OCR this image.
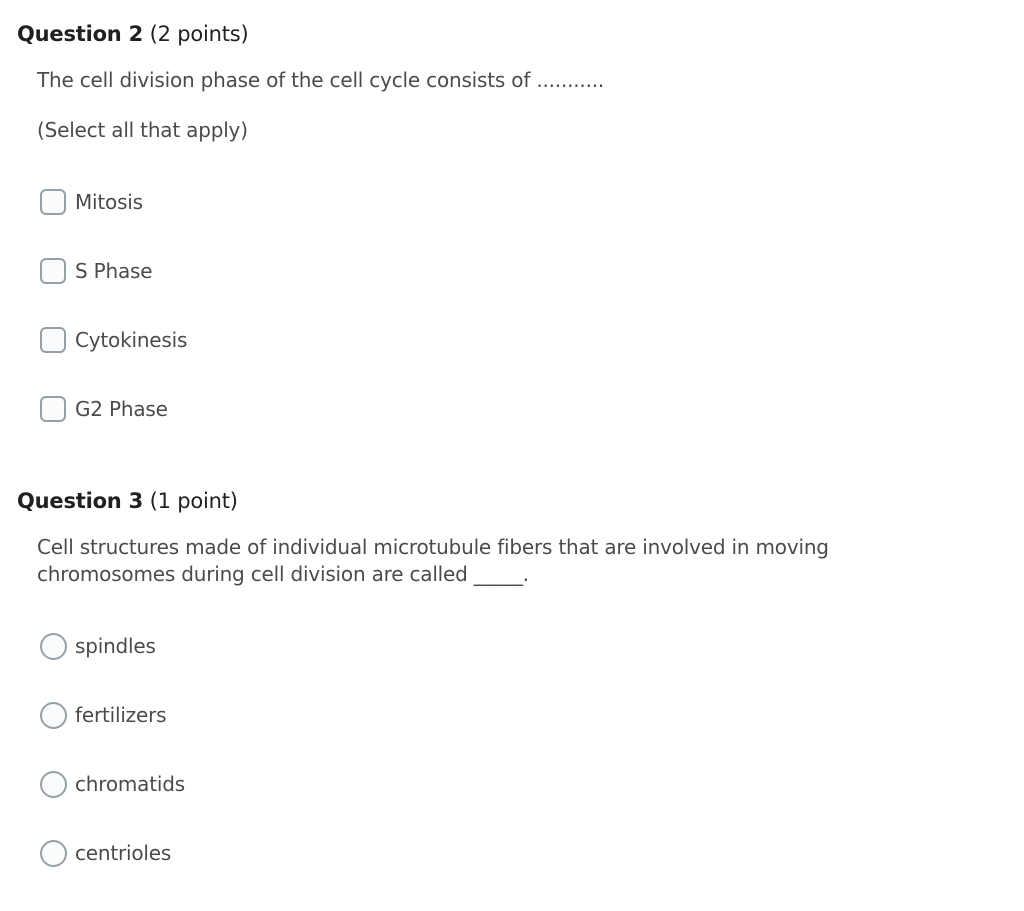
Question 2 (2 points)
The cell division phase of the cell cycle consists of ...........
(Select all that apply)
Mitosis
S Phase
Cytokinesis
G2 Phase
Question 3 (1 point)
Cell structures made of individual microtubule fibers that are involved in moving
chromosomes during cell division are called _____.
spindles
fertilizers
chromatids
centrioles
